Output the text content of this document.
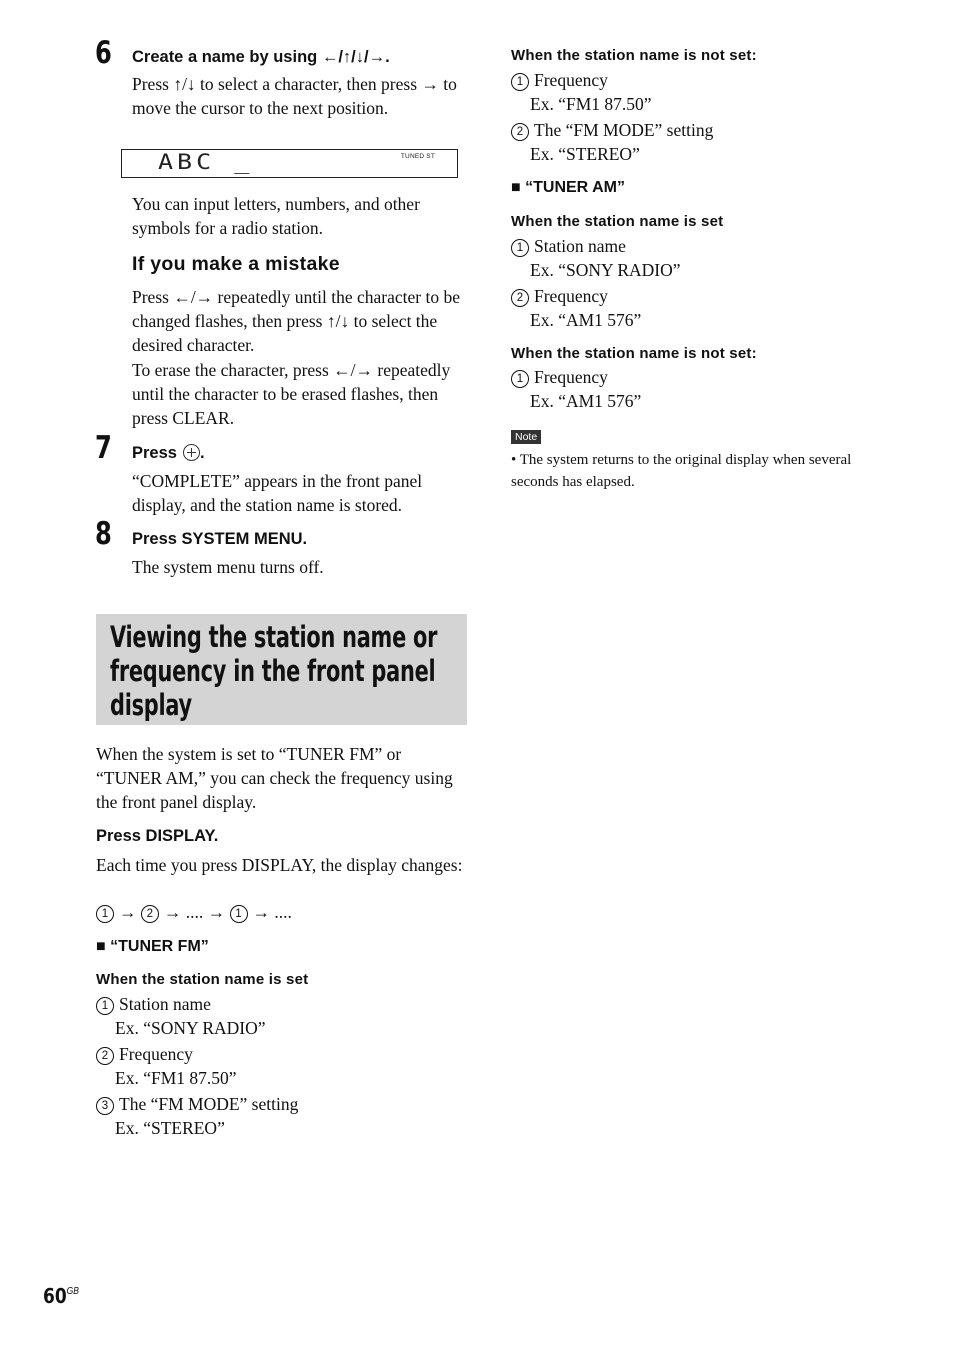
6 Create a name by using ←/↑/↓/→.
Press ↑/↓ to select a character, then press → to move the cursor to the next position.
ABC _	TUNED ST
You can input letters, numbers, and other symbols for a radio station.
If you make a mistake
Press ←/→ repeatedly until the character to be changed flashes, then press ↑/↓ to select the desired character.
To erase the character, press ←/→ repeatedly until the character to be erased flashes, then press CLEAR.
7 Press .
“COMPLETE” appears in the front panel display, and the station name is stored.
8 Press SYSTEM MENU.
The system menu turns off.
Viewing the station name or frequency in the front panel display
When the system is set to “TUNER FM” or “TUNER AM,” you can check the frequency using the front panel display.
Press DISPLAY.
Each time you press DISPLAY, the display changes:
1 → 2 → .... → 1 → ....
■ “TUNER FM”
When the station name is set
1 Station name
Ex. “SONY RADIO”
2 Frequency
Ex. “FM1 87.50”
3 The “FM MODE” setting
Ex. “STEREO”
When the station name is not set:
1 Frequency
Ex. “FM1 87.50”
2 The “FM MODE” setting
Ex. “STEREO”
■ “TUNER AM”
When the station name is set
1 Station name
Ex. “SONY RADIO”
2 Frequency
Ex. “AM1 576”
When the station name is not set:
1 Frequency
Ex. “AM1 576”
Note
• The system returns to the original display when several seconds has elapsed.
$60^{GB}$
